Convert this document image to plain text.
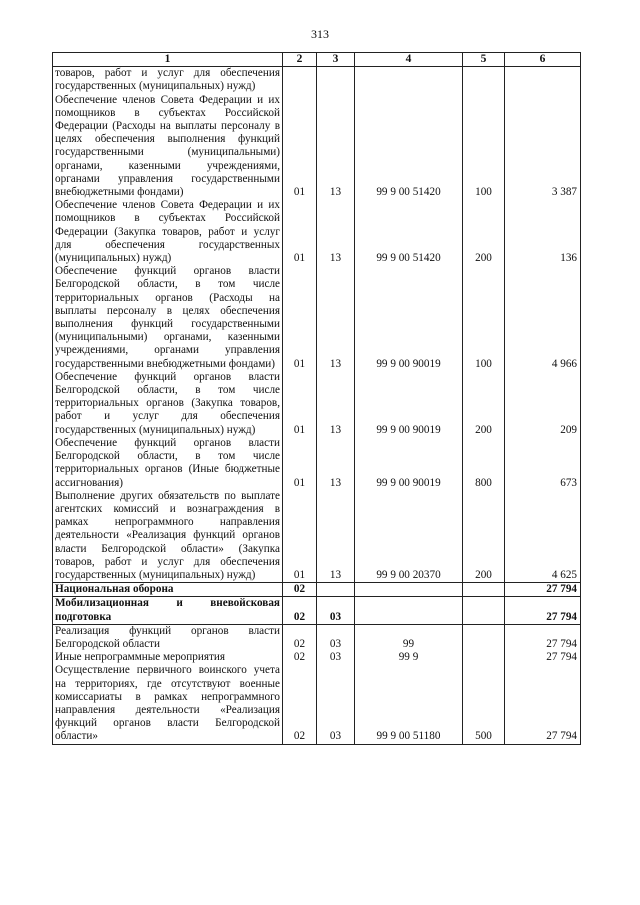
313
1	2	3	4	5	6
товаров, работ и услуг для обеспечения государственных (муниципальных) нужд)					
Обеспечение членов Совета Федерации и их помощников в субъектах Российской Федерации (Расходы на выплаты персоналу в целях обеспечения выполнения функций государственными (муниципальными) органами, казенными учреждениями, органами управления государственными внебюджетными фондами)	01	13	99 9 00 51420	100	3 387
Обеспечение членов Совета Федерации и их помощников в субъектах Российской Федерации (Закупка товаров, работ и услуг для обеспечения государственных (муниципальных) нужд)	01	13	99 9 00 51420	200	136
Обеспечение функций органов власти Белгородской области, в том числе территориальных органов (Расходы на выплаты персоналу в целях обеспечения выполнения функций государственными (муниципальными) органами, казенными учреждениями, органами управления государственными внебюджетными фондами)	01	13	99 9 00 90019	100	4 966
Обеспечение функций органов власти Белгородской области, в том числе территориальных органов (Закупка товаров, работ и услуг для обеспечения государственных (муниципальных) нужд)	01	13	99 9 00 90019	200	209
Обеспечение функций органов власти Белгородской области, в том числе территориальных органов (Иные бюджетные ассигнования)	01	13	99 9 00 90019	800	673
Выполнение других обязательств по выплате агентских комиссий и вознаграждения в рамках непрограммного направления деятельности «Реализация функций органов власти Белгородской области» (Закупка товаров, работ и услуг для обеспечения государственных (муниципальных) нужд)	01	13	99 9 00 20370	200	4 625
Национальная оборона	02				27 794
Мобилизационная и вневойсковая подготовка	02	03			27 794
Реализация функций органов власти Белгородской области	02	03	99		27 794
Иные непрограммные мероприятия	02	03	99 9		27 794
Осуществление первичного воинского учета на территориях, где отсутствуют военные комиссариаты в рамках непрограммного направления деятельности «Реализация функций органов власти Белгородской области»	02	03	99 9 00 51180	500	27 794
